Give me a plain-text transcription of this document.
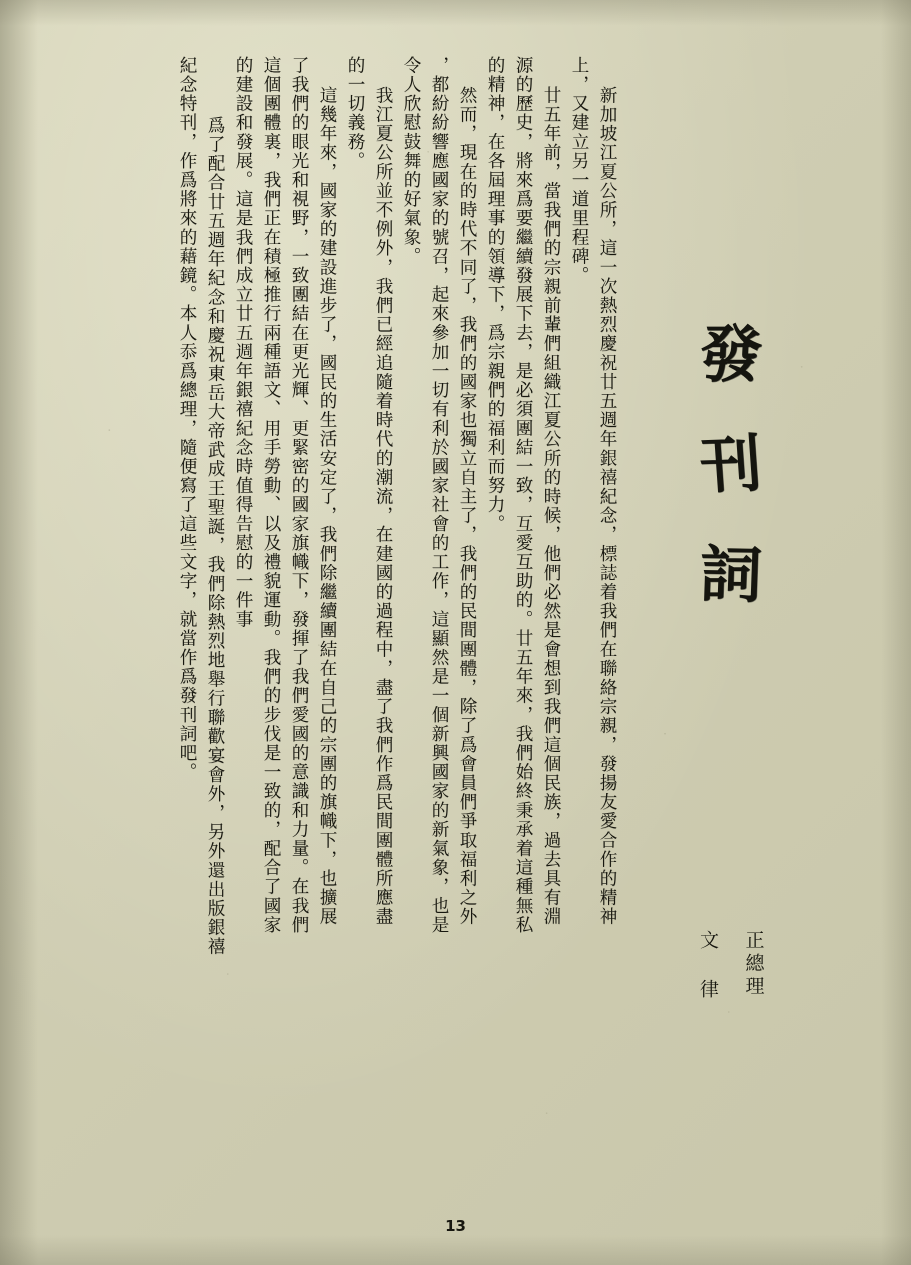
發
刊
詞
正總理
文 律
新加坡江夏公所，這一次熱烈慶祝廿五週年銀禧紀念，標誌着我們在聯絡宗親，發揚友愛合作的精神
上，又建立另一道里程碑。
廿五年前，當我們的宗親前輩們組織江夏公所的時候，他們必然是會想到我們這個民族，過去具有淵
源的歷史，將來爲要繼續發展下去，是必須團結一致，互愛互助的。廿五年來，我們始終秉承着這種無私
的精神，在各屆理事的領導下，爲宗親們的福利而努力。
然而，現在的時代不同了，我們的國家也獨立自主了，我們的民間團體，除了爲會員們爭取福利之外
，都紛紛響應國家的號召，起來參加一切有利於國家社會的工作，這顯然是一個新興國家的新氣象，也是
令人欣慰鼓舞的好氣象。
我江夏公所並不例外，我們已經追隨着時代的潮流，在建國的過程中，盡了我們作爲民間團體所應盡
的一切義務。
這幾年來，國家的建設進步了，國民的生活安定了，我們除繼續團結在自己的宗團的旗幟下，也擴展
了我們的眼光和視野，一致團結在更光輝、更緊密的國家旗幟下，發揮了我們愛國的意識和力量。在我們
這個團體裏，我們正在積極推行兩種語文、用手勞動、以及禮貌運動。我們的步伐是一致的，配合了國家
的建設和發展。這是我們成立廿五週年銀禧紀念時值得告慰的一件事
爲了配合廿五週年紀念和慶祝東岳大帝武成王聖誕，我們除熱烈地舉行聯歡宴會外，另外還出版銀禧
紀念特刊，作爲將來的藉鏡。本人忝爲總理，隨便寫了這些文字，就當作爲發刊詞吧。
13
